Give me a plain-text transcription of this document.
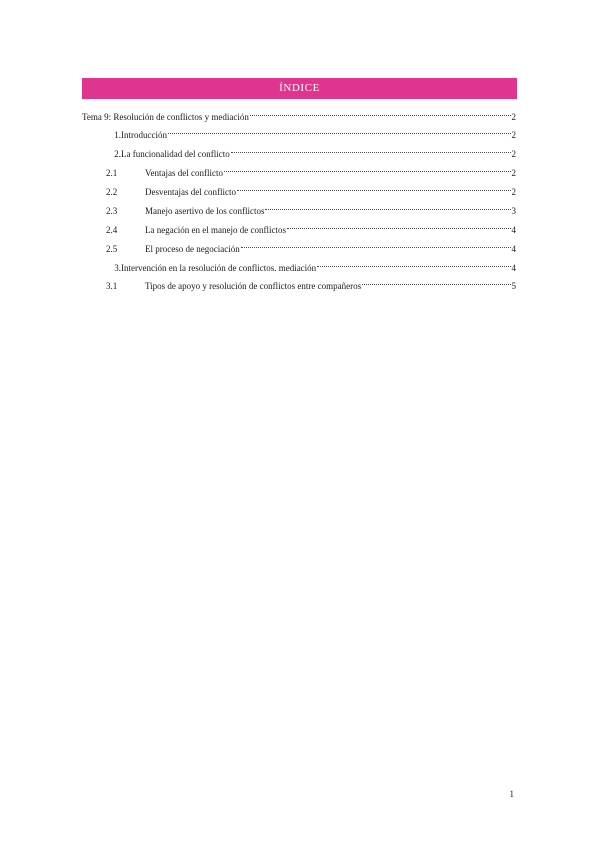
ÍNDICE
Tema 9: Resolución de conflictos y mediación	2
1. Introducción	2
2. La funcionalidad del conflicto	2
2.1	Ventajas del conflicto	2
2.2	Desventajas del conflicto	2
2.3	Manejo asertivo de los conflictos	3
2.4	La negación en el manejo de conflictos	4
2.5	El proceso de negociación	4
3. Intervención en la resolución de conflictos. mediación	4
3.1	Tipos de apoyo y resolución de conflictos entre compañeros	5
1
